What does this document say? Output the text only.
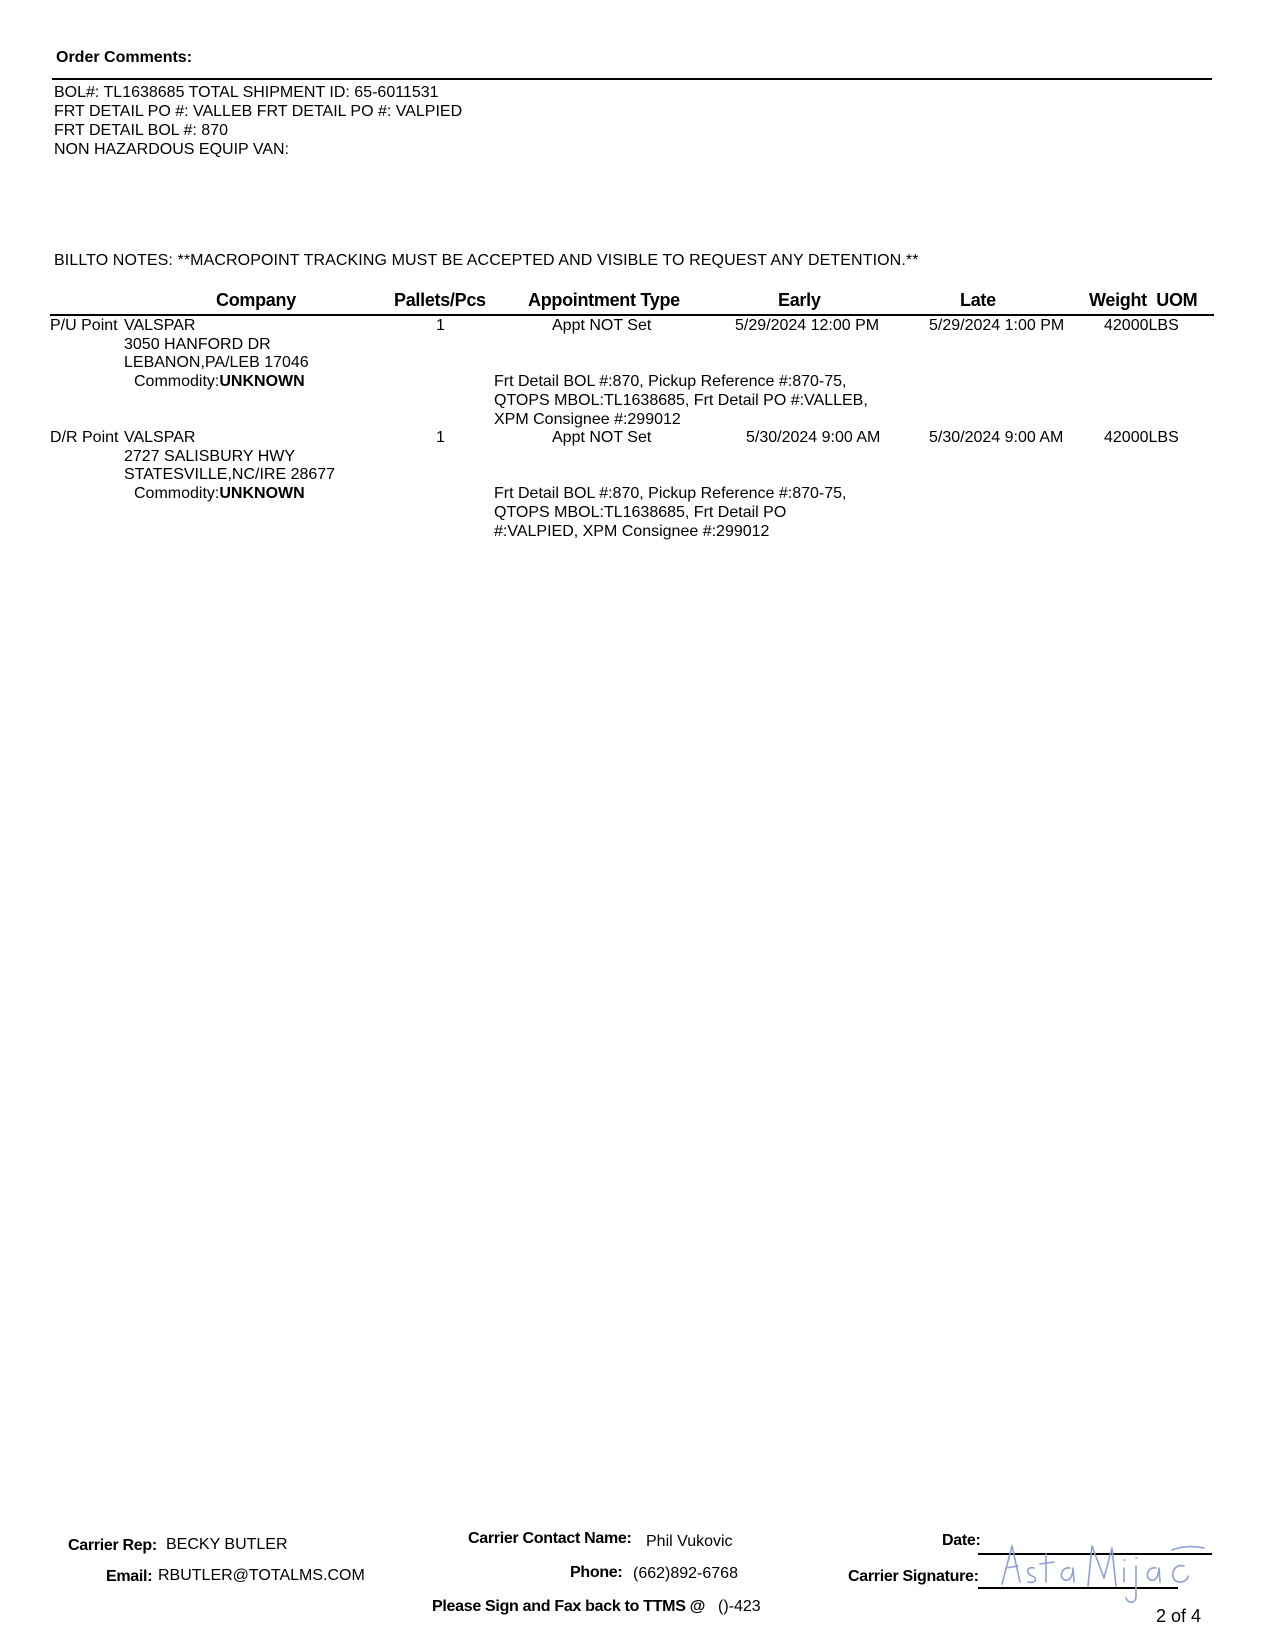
Order Comments:
BOL#: TL1638685 TOTAL SHIPMENT ID: 65-6011531
FRT DETAIL PO #: VALLEB FRT DETAIL PO #: VALPIED
FRT DETAIL BOL #: 870
NON HAZARDOUS EQUIP VAN:
BILLTO NOTES: **MACROPOINT TRACKING MUST BE ACCEPTED AND VISIBLE TO REQUEST ANY DETENTION.**
Company	Pallets/Pcs Appointment Type	Early	Late	Weight  UOM
P/U Point VALSPAR
3050 HANFORD DR
LEBANON,PA/LEB 17046
Commodity:UNKNOWN
1	Appt NOT Set	5/29/2024 12:00 PM	5/29/2024 1:00 PM 42000LBS
Frt Detail BOL #:870, Pickup Reference #:870-75,
QTOPS MBOL:TL1638685, Frt Detail PO #:VALLEB,
XPM Consignee #:299012
D/R Point VALSPAR
2727 SALISBURY HWY
STATESVILLE,NC/IRE 28677
Commodity:UNKNOWN
1	Appt NOT Set	5/30/2024 9:00 AM	5/30/2024 9:00 AM	42000LBS
Frt Detail BOL #:870, Pickup Reference #:870-75,
QTOPS MBOL:TL1638685, Frt Detail PO
#:VALPIED, XPM Consignee #:299012
Carrier Rep: BECKY BUTLER
Email: RBUTLER@TOTALMS.COM
Carrier Contact Name: Phil Vukovic
Phone: (662)892-6768
Please Sign and Fax back to TTMS @ ()-423
Date:
Carrier Signature:
2 of 4
